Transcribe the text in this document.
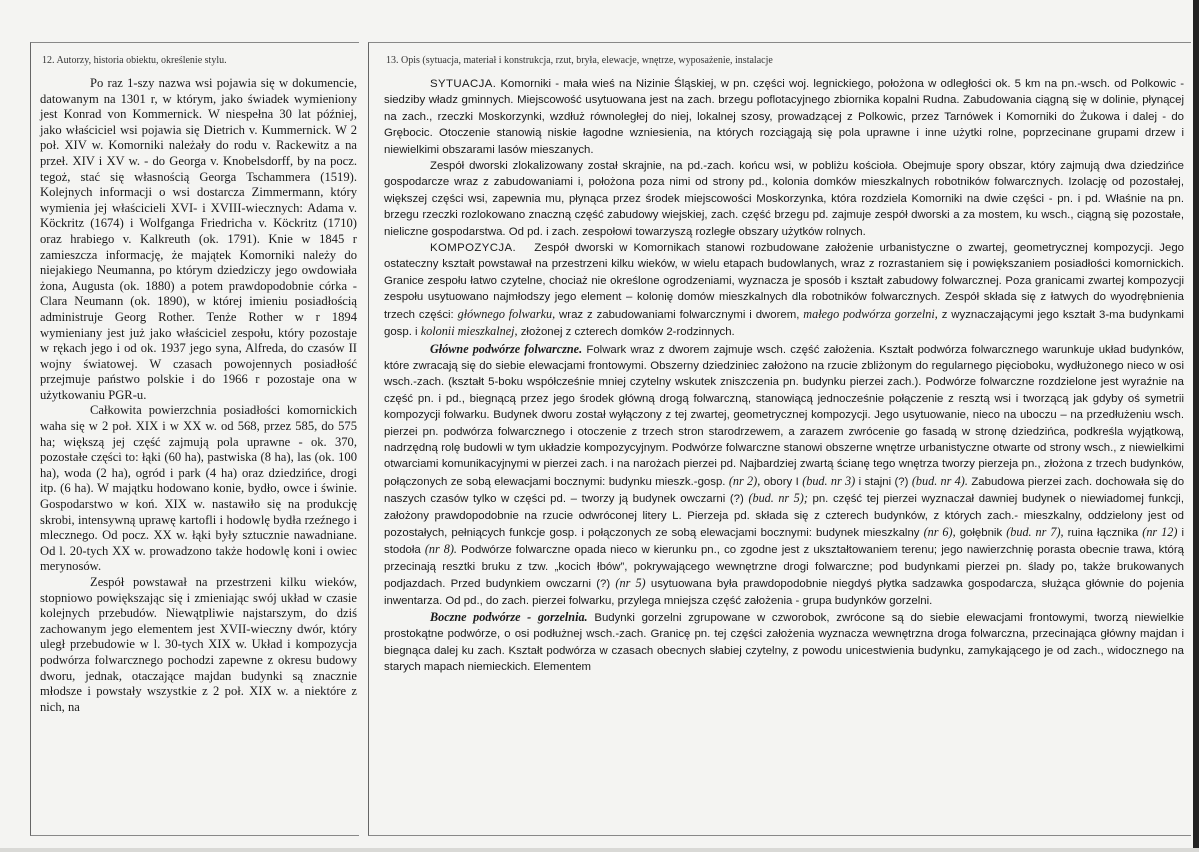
12. Autorzy, historia obiektu, określenie stylu.	13. Opis (sytuacja, materiał i konstrukcja, rzut, bryła, elewacje, wnętrze, wyposażenie, instalacje

Po raz 1-szy nazwa wsi pojawia się w dokumencie, datowanym na 1301 r, w którym, jako świadek wymieniony jest Konrad von Kommernick. W niespełna 30 lat później, jako właściciel wsi pojawia się Dietrich v. Kummernick. W 2 poł. XIV w. Komorniki należały do rodu v. Rackewitz a na przeł. XIV i XV w. - do Georga v. Knobelsdorff, by na pocz. tegoż, stać się własnością Georga Tschammera (1519). Kolejnych informacji o wsi dostarcza Zimmermann, który wymienia jej właścicieli XVI- i XVIII-wiecznych: Adama v. Köckritz (1674) i Wolfganga Friedricha v. Köckritz (1710) oraz hrabiego v. Kalkreuth (ok. 1791). Knie w 1845 r zamieszcza informację, że majątek Komorniki należy do niejakiego Neumanna, po którym dziedziczy jego owdowiała żona, Augusta (ok. 1880) a potem prawdopodobnie córka - Clara Neumann (ok. 1890), w której imieniu posiadłością administruje Georg Rother. Tenże Rother w r 1894 wymieniany jest już jako właściciel zespołu, który pozostaje w rękach jego i od ok. 1937 jego syna, Alfreda, do czasów II wojny światowej. W czasach powojennych posiadłość przejmuje państwo polskie i do 1966 r pozostaje ona w użytkowaniu PGR-u.

Całkowita powierzchnia posiadłości komornickich waha się w 2 poł. XIX i w XX w. od 568, przez 585, do 575 ha; większą jej część zajmują pola uprawne - ok. 370, pozostałe części to: łąki (60 ha), pastwiska (8 ha), las (ok. 100 ha), woda (2 ha), ogród i park (4 ha) oraz dziedzińce, drogi itp. (6 ha). W majątku hodowano konie, bydło, owce i świnie. Gospodarstwo w koń. XIX w. nastawiło się na produkcję skrobi, intensywną uprawę kartofli i hodowlę bydła rzeźnego i mlecznego. Od pocz. XX w. łąki były sztucznie nawadniane. Od l. 20-tych XX w. prowadzono także hodowlę koni i owiec merynosów.

Zespół powstawał na przestrzeni kilku wieków, stopniowo powiększając się i zmieniając swój układ w czasie kolejnych przebudów. Niewątpliwie najstarszym, do dziś zachowanym jego elementem jest XVII-wieczny dwór, który uległ przebudowie w l. 30-tych XIX w. Układ i kompozycja podwórza folwarcznego pochodzi zapewne z okresu budowy dworu, jednak, otaczające majdan budynki są znacznie młodsze i powstały wszystkie z 2 poł. XIX w. a niektóre z nich, na

SYTUACJA. Komorniki - mała wieś na Nizinie Śląskiej, w pn. części woj. legnickiego, położona w odległości ok. 5 km na pn.-wsch. od Polkowic - siedziby władz gminnych. Miejscowość usytuowana jest na zach. brzegu poflotacyjnego zbiornika kopalni Rudna. Zabudowania ciągną się w dolinie, płynącej na zach., rzeczki Moskorzynki, wzdłuż równoległej do niej, lokalnej szosy, prowadzącej z Polkowic, przez Tarnówek i Komorniki do Żukowa i dalej - do Grębocic. Otoczenie stanowią niskie łagodne wzniesienia, na których rozciągają się pola uprawne i inne użytki rolne, poprzecinane grupami drzew i niewielkimi obszarami lasów mieszanych.

Zespół dworski zlokalizowany został skrajnie, na pd.-zach. końcu wsi, w pobliżu kościoła. Obejmuje spory obszar, który zajmują dwa dziedzińce gospodarcze wraz z zabudowaniami i, położona poza nimi od strony pd., kolonia domków mieszkalnych robotników folwarcznych. Izolację od pozostałej, większej części wsi, zapewnia mu, płynąca przez środek miejscowości Moskorzynka, która rozdziela Komorniki na dwie części - pn. i pd. Właśnie na pn. brzegu rzeczki rozlokowano znaczną część zabudowy wiejskiej, zach. część brzegu pd. zajmuje zespół dworski a za mostem, ku wsch., ciągną się pozostałe, nieliczne gospodarstwa. Od pd. i zach. zespołowi towarzyszą rozległe obszary użytków rolnych.

KOMPOZYCJA. Zespół dworski w Komornikach stanowi rozbudowane założenie urbanistyczne o zwartej, geometrycznej kompozycji. Jego ostateczny kształt powstawał na przestrzeni kilku wieków, w wielu etapach budowlanych, wraz z rozrastaniem się i powiększaniem posiadłości komornickich. Granice zespołu łatwo czytelne, chociaż nie określone ogrodzeniami, wyznacza je sposób i kształt zabudowy folwarcznej. Poza granicami zwartej kompozycji zespołu usytuowano najmłodszy jego element – kolonię domów mieszkalnych dla robotników folwarcznych. Zespół składa się z łatwych do wyodrębnienia trzech części: głównego folwarku, wraz z zabudowaniami folwarcznymi i dworem, małego podwórza gorzelni, z wyznaczającymi jego kształt 3-ma budynkami gosp. i kolonii mieszkalnej, złożonej z czterech domków 2-rodzinnych.

Główne podwórze folwarczne. Folwark wraz z dworem zajmuje wsch. część założenia. Kształt podwórza folwarcznego warunkuje układ budynków, które zwracają się do siebie elewacjami frontowymi. Obszerny dziedziniec założono na rzucie zbliżonym do regularnego pięcioboku, wydłużonego nieco w osi wsch.-zach. (kształt 5-boku współcześnie mniej czytelny wskutek zniszczenia pn. budynku pierzei zach.). Podwórze folwarczne rozdzielone jest wyraźnie na część pn. i pd., biegnącą przez jego środek główną drogą folwarczną, stanowiącą jednocześnie połączenie z resztą wsi i tworzącą jak gdyby oś symetrii kompozycji folwarku. Budynek dworu został wyłączony z tej zwartej, geometrycznej kompozycji. Jego usytuowanie, nieco na uboczu – na przedłużeniu wsch. pierzei pn. podwórza folwarcznego i otoczenie z trzech stron starodrzewem, a zarazem zwrócenie go fasadą w stronę dziedzińca, podkreśla wyjątkową, nadrzędną rolę budowli w tym układzie kompozycyjnym. Podwórze folwarczne stanowi obszerne wnętrze urbanistyczne otwarte od strony wsch., z niewielkimi otwarciami komunikacyjnymi w pierzei zach. i na narożach pierzei pd. Najbardziej zwartą ścianę tego wnętrza tworzy pierzeja pn., złożona z trzech budynków, połączonych ze sobą elewacjami bocznymi: budynku mieszk.-gosp. (nr 2), obory I (bud. nr 3) i stajni (?) (bud. nr 4). Zabudowa pierzei zach. dochowała się do naszych czasów tylko w części pd. – tworzy ją budynek owczarni (?) (bud. nr 5); pn. część tej pierzei wyznaczał dawniej budynek o niewiadomej funkcji, założony prawdopodobnie na rzucie odwróconej litery L. Pierzeja pd. składa się z czterech budynków, z których zach.- mieszkalny, oddzielony jest od pozostałych, pełniących funkcje gosp. i połączonych ze sobą elewacjami bocznymi: budynek mieszkalny (nr 6), gołębnik (bud. nr 7), ruina łącznika (nr 12) i stodoła (nr 8). Podwórze folwarczne opada nieco w kierunku pn., co zgodne jest z ukształtowaniem terenu; jego nawierzchnię porasta obecnie trawa, którą przecinają resztki bruku z tzw. „kocich łbów”, pokrywającego wewnętrzne drogi folwarczne; pod budynkami pierzei pn. ślady po, także brukowanych podjazdach. Przed budynkiem owczarni (?) (nr 5) usytuowana była prawdopodobnie niegdyś płytka sadzawka gospodarcza, służąca głównie do pojenia inwentarza. Od pd., do zach. pierzei folwarku, przylega mniejsza część założenia - grupa budynków gorzelni.

Boczne podwórze - gorzelnia. Budynki gorzelni zgrupowane w czworobok, zwrócone są do siebie elewacjami frontowymi, tworzą niewielkie prostokątne podwórze, o osi podłużnej wsch.-zach. Granicę pn. tej części założenia wyznacza wewnętrzna droga folwarczna, przecinająca główny majdan i biegnąca dalej ku zach. Kształt podwórza w czasach obecnych słabiej czytelny, z powodu unicestwienia budynku, zamykającego je od zach., widocznego na starych mapach niemieckich. Elementem
